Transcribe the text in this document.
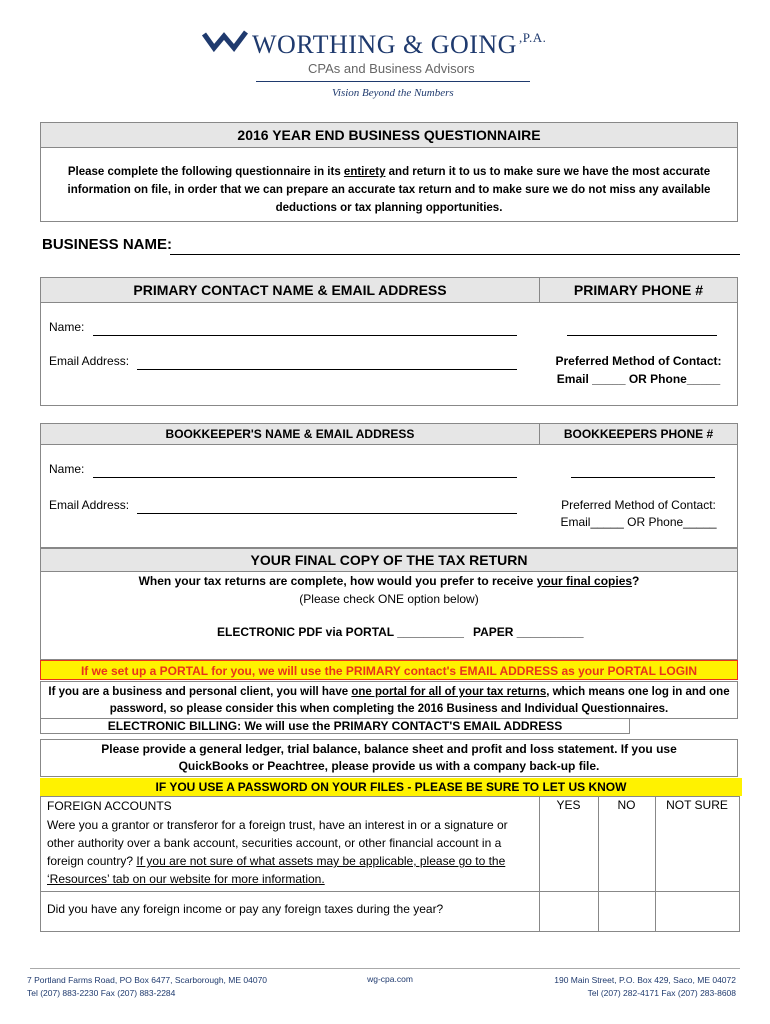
WORTHING & GOING $^{,P.A.}$
CPAs and Business Advisors
Vision Beyond the Numbers
2016 YEAR END BUSINESS QUESTIONNAIRE
Please complete the following questionnaire in its entirety and return it to us to make sure we have the most accurate information on file, in order that we can prepare an accurate tax return and to make sure we do not miss any available deductions or tax planning opportunities.
BUSINESS NAME:
PRIMARY CONTACT NAME & EMAIL ADDRESS	PRIMARY PHONE #
Name:
Email Address:	Preferred Method of Contact:
Email _____ OR Phone_____
BOOKKEEPER'S NAME & EMAIL ADDRESS	BOOKKEEPERS PHONE #
Name:
Email Address:	Preferred Method of Contact:
Email_____ OR Phone_____
YOUR FINAL COPY OF THE TAX RETURN
When your tax returns are complete, how would you prefer to receive your final copies?
(Please check ONE option below)
ELECTRONIC PDF via PORTAL __________ PAPER __________
If we set up a PORTAL for you, we will use the PRIMARY contact's EMAIL ADDRESS as your PORTAL LOGIN
If you are a business and personal client, you will have one portal for all of your tax returns, which means one log in and one password, so please consider this when completing the 2016 Business and Individual Questionnaires.
ELECTRONIC BILLING: We will use the PRIMARY CONTACT'S EMAIL ADDRESS
Please provide a general ledger, trial balance, balance sheet and profit and loss statement. If you use QuickBooks or Peachtree, please provide us with a company back-up file.
IF YOU USE A PASSWORD ON YOUR FILES - PLEASE BE SURE TO LET US KNOW
FOREIGN ACCOUNTS	YES	NO	NOT SURE
Were you a grantor or transferor for a foreign trust, have an interest in or a signature or other authority over a bank account, securities account, or other financial account in a foreign country? If you are not sure of what assets may be applicable, please go to the ‘Resources’ tab on our website for more information.
Did you have any foreign income or pay any foreign taxes during the year?
7 Portland Farms Road, PO Box 6477, Scarborough, ME 04070
Tel (207) 883-2230 Fax (207) 883-2284
wg-cpa.com	190 Main Street, P.O. Box 429, Saco, ME 04072
Tel (207) 282-4171 Fax (207) 283-8608
